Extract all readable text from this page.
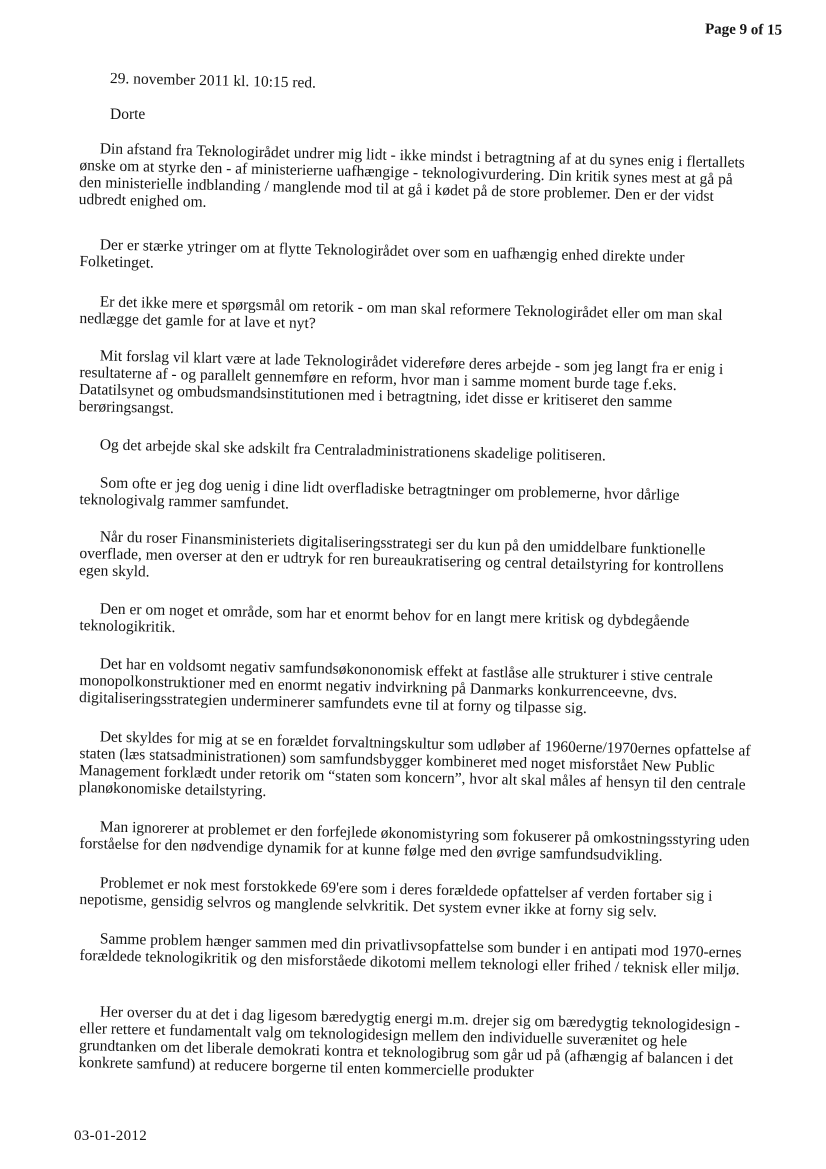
Page 9 of 15
29. november 2011 kl. 10:15 red.
Dorte

Din afstand fra Teknologirådet undrer mig lidt - ikke mindst i betragtning af at du synes enig i flertallets ønske om at styrke den - af ministerierne uafhængige - teknologivurdering. Din kritik synes mest at gå på den ministerielle indblanding / manglende mod til at gå i kødet på de store problemer. Den er der vidst udbredt enighed om.

Der er stærke ytringer om at flytte Teknologirådet over som en uafhængig enhed direkte under Folketinget.

Er det ikke mere et spørgsmål om retorik - om man skal reformere Teknologirådet eller om man skal nedlægge det gamle for at lave et nyt?

Mit forslag vil klart være at lade Teknologirådet videreføre deres arbejde - som jeg langt fra er enig i resultaterne af - og parallelt gennemføre en reform, hvor man i samme moment burde tage f.eks. Datatilsynet og ombudsmandsinstitutionen med i betragtning, idet disse er kritiseret den samme berøringsangst.

Og det arbejde skal ske adskilt fra Centraladministrationens skadelige politiseren.

Som ofte er jeg dog uenig i dine lidt overfladiske betragtninger om problemerne, hvor dårlige teknologivalg rammer samfundet.

Når du roser Finansministeriets digitaliseringsstrategi ser du kun på den umiddelbare funktionelle overflade, men overser at den er udtryk for ren bureaukratisering og central detailstyring for kontrollens egen skyld.

Den er om noget et område, som har et enormt behov for en langt mere kritisk og dybdegående teknologikritik.

Det har en voldsomt negativ samfundsøkononomisk effekt at fastlåse alle strukturer i stive centrale monopolkonstruktioner med en enormt negativ indvirkning på Danmarks konkurrenceevne, dvs. digitaliseringsstrategien underminerer samfundets evne til at forny og tilpasse sig.

Det skyldes for mig at se en forældet forvaltningskultur som udløber af 1960erne/1970ernes opfattelse af staten (læs statsadministrationen) som samfundsbygger kombineret med noget misforstået New Public Management forklædt under retorik om “staten som koncern”, hvor alt skal måles af hensyn til den centrale planøkonomiske detailstyring.

Man ignorerer at problemet er den forfejlede økonomistyring som fokuserer på omkostningsstyring uden forståelse for den nødvendige dynamik for at kunne følge med den øvrige samfundsudvikling.

Problemet er nok mest forstokkede 69'ere som i deres forældede opfattelser af verden fortaber sig i nepotisme, gensidig selvros og manglende selvkritik. Det system evner ikke at forny sig selv.

Samme problem hænger sammen med din privatlivsopfattelse som bunder i en antipati mod 1970-ernes forældede teknologikritik og den misforståede dikotomi mellem teknologi eller frihed / teknisk eller miljø.

Her overser du at det i dag ligesom bæredygtig energi m.m. drejer sig om bæredygtig teknologidesign - eller rettere et fundamentalt valg om teknologidesign mellem den individuelle suverænitet og hele grundtanken om det liberale demokrati kontra et teknologibrug som går ud på (afhængig af balancen i det konkrete samfund) at reducere borgerne til enten kommercielle produkter

03-01-2012
